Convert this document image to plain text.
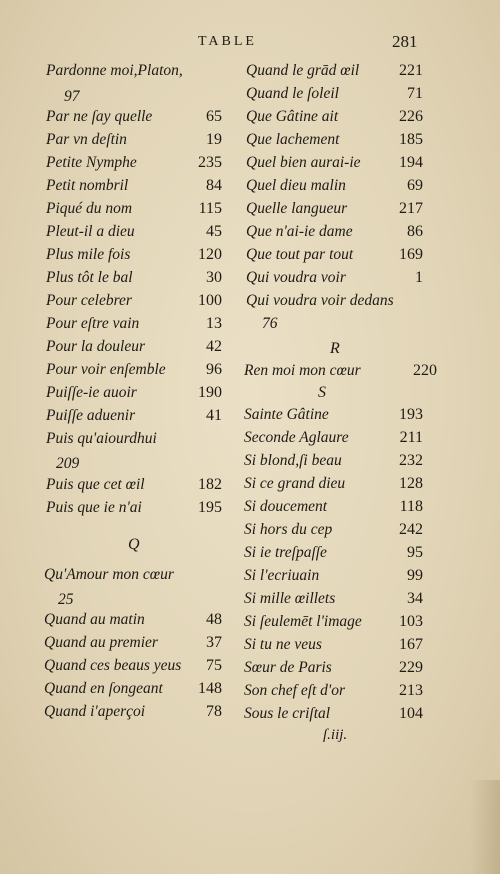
TABLE	281
Pardonne moi,Platon,
97
Par ne ſay quelle	65
Par vn deſtin	19
Petite Nymphe	235
Petit nombril	84
Piqué du nom	115
Pleut-il a dieu	45
Plus mile fois	120
Plus tôt le bal	30
Pour celebrer	100
Pour eſtre vain	13
Pour la douleur	42
Pour voir enſemble	96
Puiſſe-ie auoir	190
Puiſſe aduenir	41
Puis qu'aiourdhui
209
Puis que cet œil	182
Puis que ie n'ai	195
Q
Qu'Amour mon cœur
25
Quand au matin	48
Quand au premier	37
Quand ces beaus yeus 75
Quand en ſongeant 148
Quand i'aperçoi	78
Quand le grād œil 221
Quand le ſoleil	71
Que Gâtine ait	226
Que lachement	185
Quel bien aurai-ie 194
Quel dieu malin	69
Quelle langueur	217
Que n'ai-ie dame	86
Que tout par tout	169
Qui voudra voir	1
Qui voudra voir dedans
76
R
Ren moi mon cœur	220
S
Sainte Gâtine	193
Seconde Aglaure	211
Si blond,ſi beau	232
Si ce grand dieu	128
Si doucement	118
Si hors du cep	242
Si ie treſpaſſe	95
Si l'ecriuain	99
Si mille œillets	34
Si ſeulemēt l'image 103
Si tu ne veus	167
Sœur de Paris	229
Son chef eſt d'or	213
Sous le criſtal	104
ſ.iij.
